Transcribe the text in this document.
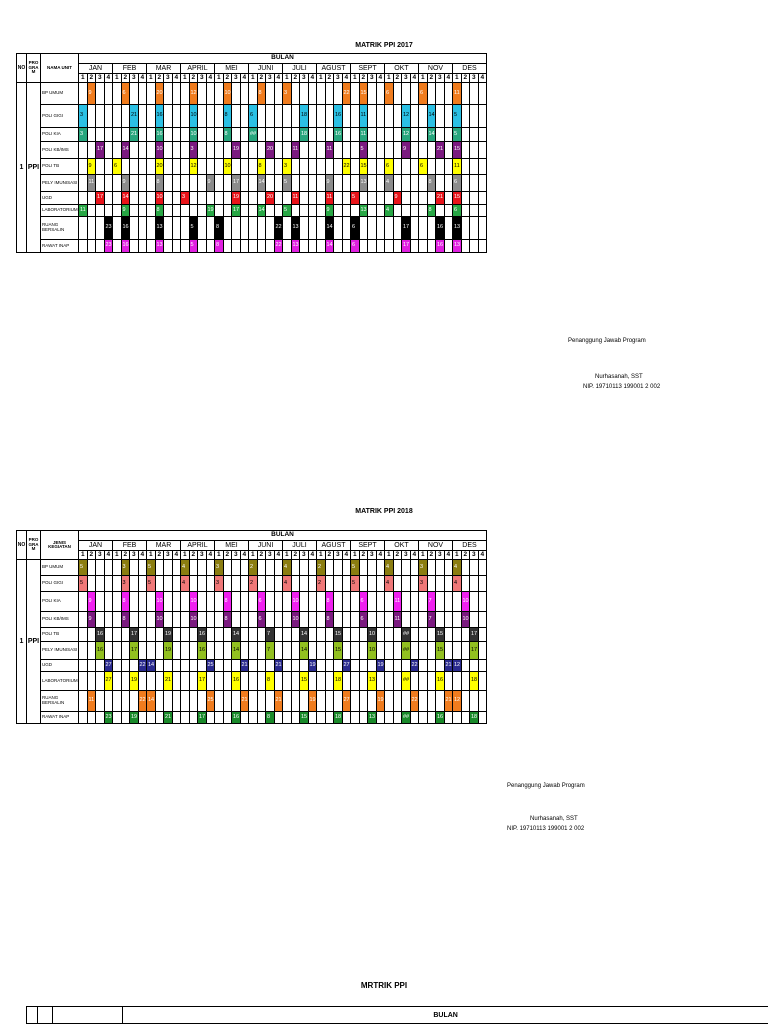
MATRIK PPI 2017
NO	PRO GRA M	NAMA UNIT	BULAN																																															
			JAN				FEB				MAR				APRIL				MEI				JUNI				JULI				AGUST				SEPT				OKT				NOV				DES			
			1	2	3	4	1	2	3	4	1	2	3	4	1	2	3	4	1	2	3	4	1	2	3	4	1	2	3	4	1	2	3	4	1	2	3	4	1	2	3	4	1	2	3	4	1	2	3	4
1	PPI	BP UMUM		9				6				20				12				10				8			3							22		15			6				6				11			
		POLI GIGI	3						21			16				10				8			6						18				16			11					12			14			5			
		POLI KIA	3						21			16				10				8			##						18				16			11					12			14			5			
		POLI KB/IMS			17			14				10				3					19				20			11				11				5					9				21		15			
		POLI TB		9			6					20				12				10				8			3							22		15			6				6				11			
		PELY IMUNISASI		11				9				8						9			17			14			5					9				13			4					8			6			
		UGD			17			14				10			3						19				20			11				11			5					9					21		15			
		LABORATORIUM	11					9				8						19			17			14			5					9				13			4					8			6			
		RUANG BERSALIN				23		16				13				5			8							22		13				14			6						17				16		13			
		RAWAT INAP				23		16				13				5			8							22		13				14			6						17				16		13			
Penanggung Jawab Program
Nurhasanah, SST
NIP. 19710113 199001 2 002
MATRIK PPI 2018
NO	PRO GRA M	JENIS KEGIATAN	BULAN																																															
			JAN				FEB				MAR				APRIL				MEI				JUNI				JULI				AGUST				SEPT				OKT				NOV				DES			
			1	2	3	4	1	2	3	4	1	2	3	4	1	2	3	4	1	2	3	4	1	2	3	4	1	2	3	4	1	2	3	4	1	2	3	4	1	2	3	4	1	2	3	4	1	2	3	4
1	PPI	BP UMUM	5					3			5				4				3				2				4				2				5				4				3				4			
		POLI GIGI	5					3			5				4				3				2				4				2				5				4				3				4			
		POLI KIA		9				8				10				10				8				6				10				8				6				11				7				10		
		POLI KB/IMS		9				8				10				10				8				6				10				8				6				11				7				10		
		POLI TB			16				17				19				16				14				7				14				15				10				##				15				17	
		PELY IMUNISASI			16				17				19				16				14				7				14				15				10				##				15				17	
		UGD				27				22	14							25				21				21				19				27				19				22				21	12			
		LABORATORIUM				27			19				21				17				16				8				15				18				13				##				16				18	
		RUANG BERSALIN		11						22	14							25				21				21				19				27				19				22				21	12			
		RAWAT INAP				23			19				21				17				16				8				15				18				13				##				16				18	
Penanggung Jawab Program
Nurhasanah, SST
NIP. 19710113 199001 2 002
MRTRIK PPI
			BULAN
